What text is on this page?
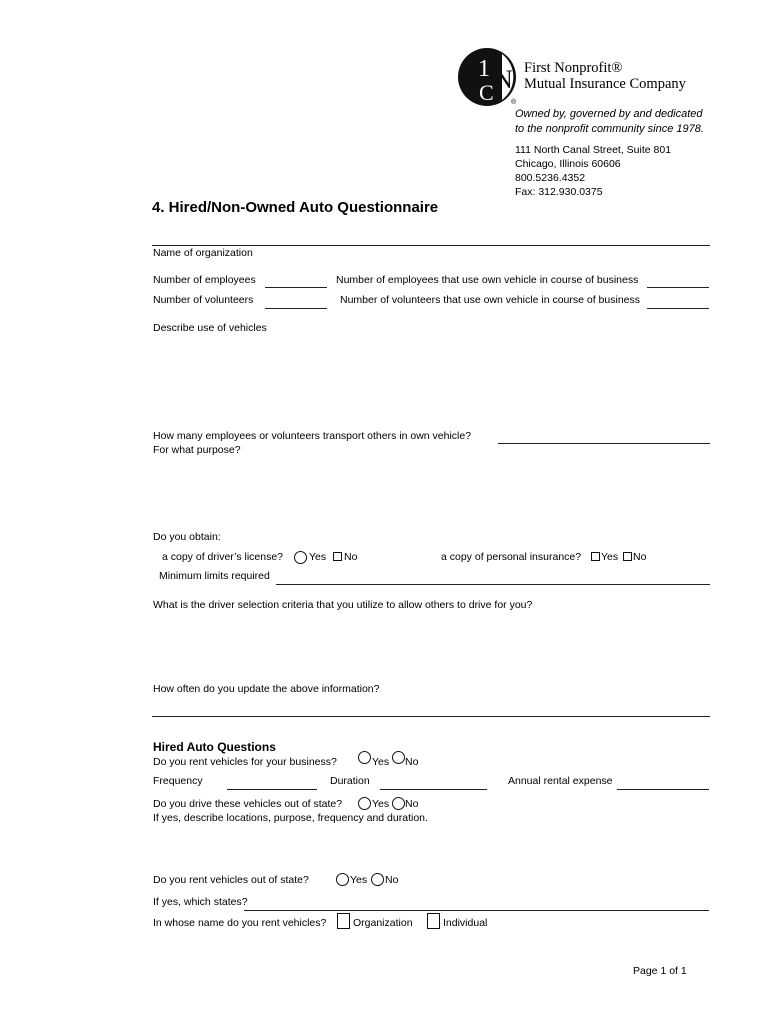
1
C N
®
First Nonprofit®
Mutual Insurance Company
Owned by, governed by and dedicated
to the nonprofit community since 1978.
111 North Canal Street, Suite 801
Chicago, Illinois 60606
800.5236.4352
Fax: 312.930.0375
4. Hired/Non-Owned Auto Questionnaire
Name of organization
Number of employees	Number of employees that use own vehicle in course of business
Number of volunteers	Number of volunteers that use own vehicle in course of business
Describe use of vehicles
How many employees or volunteers transport others in own vehicle?
For what purpose?
Do you obtain:
a copy of driver’s license? Yes No	a copy of personal insurance? Yes No
Minimum limits required
What is the driver selection criteria that you utilize to allow others to drive for you?
How often do you update the above information?
Hired Auto Questions
Do you rent vehicles for your business?	Yes No
Frequency	Duration	Annual rental expense
Do you drive these vehicles out of state?	Yes No
If yes, describe locations, purpose, frequency and duration.
Do you rent vehicles out of state?	Yes No
If yes, which states?
In whose name do you rent vehicles?	Organization	Individual
Page 1 of 1
